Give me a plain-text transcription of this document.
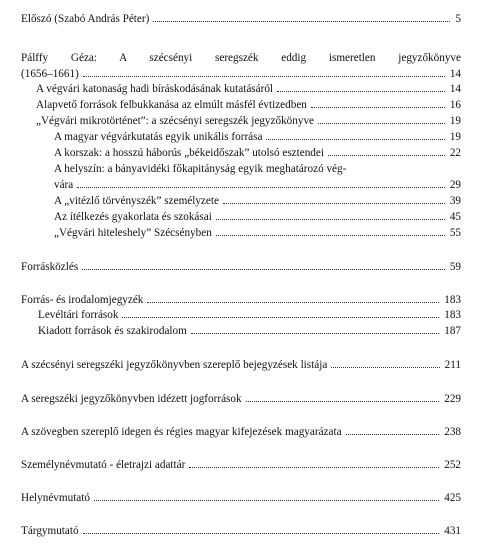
Előszó (Szabó András Péter)	5
Pálffy Géza: A szécsényi seregszék eddig ismeretlen jegyzőkönyve
(1656–1661)	14
A végvári katonaság hadi bíráskodásának kutatásáról	14
Alapvető források felbukkanása az elmúlt másfél évtizedben	16
„Végvári mikrotörténet”: a szécsényi seregszék jegyzőkönyve	19
A magyar végvárkutatás egyik unikális forrása	19
A korszak: a hosszú háborús „békeidőszak” utolsó esztendei	22
A helyszín: a bányavidéki főkapitányság egyik meghatározó vég-
vára	29
A „vitézlő törvényszék” személyzete	39
Az ítélkezés gyakorlata és szokásai	45
„Végvári hiteleshely” Szécsényben	55
Forrásközlés	59
Forrás- és irodalomjegyzék	183
Levéltári források	183
Kiadott források és szakirodalom	187
A szécsényi seregszéki jegyzőkönyvben szereplő bejegyzések listája	211
A seregszéki jegyzőkönyvben idézett jogforrások	229
A szövegben szereplő idegen és régies magyar kifejezések magyarázata	238
Személynévmutató - életrajzi adattár	252
Helynévmutató	425
Tárgymutató	431
